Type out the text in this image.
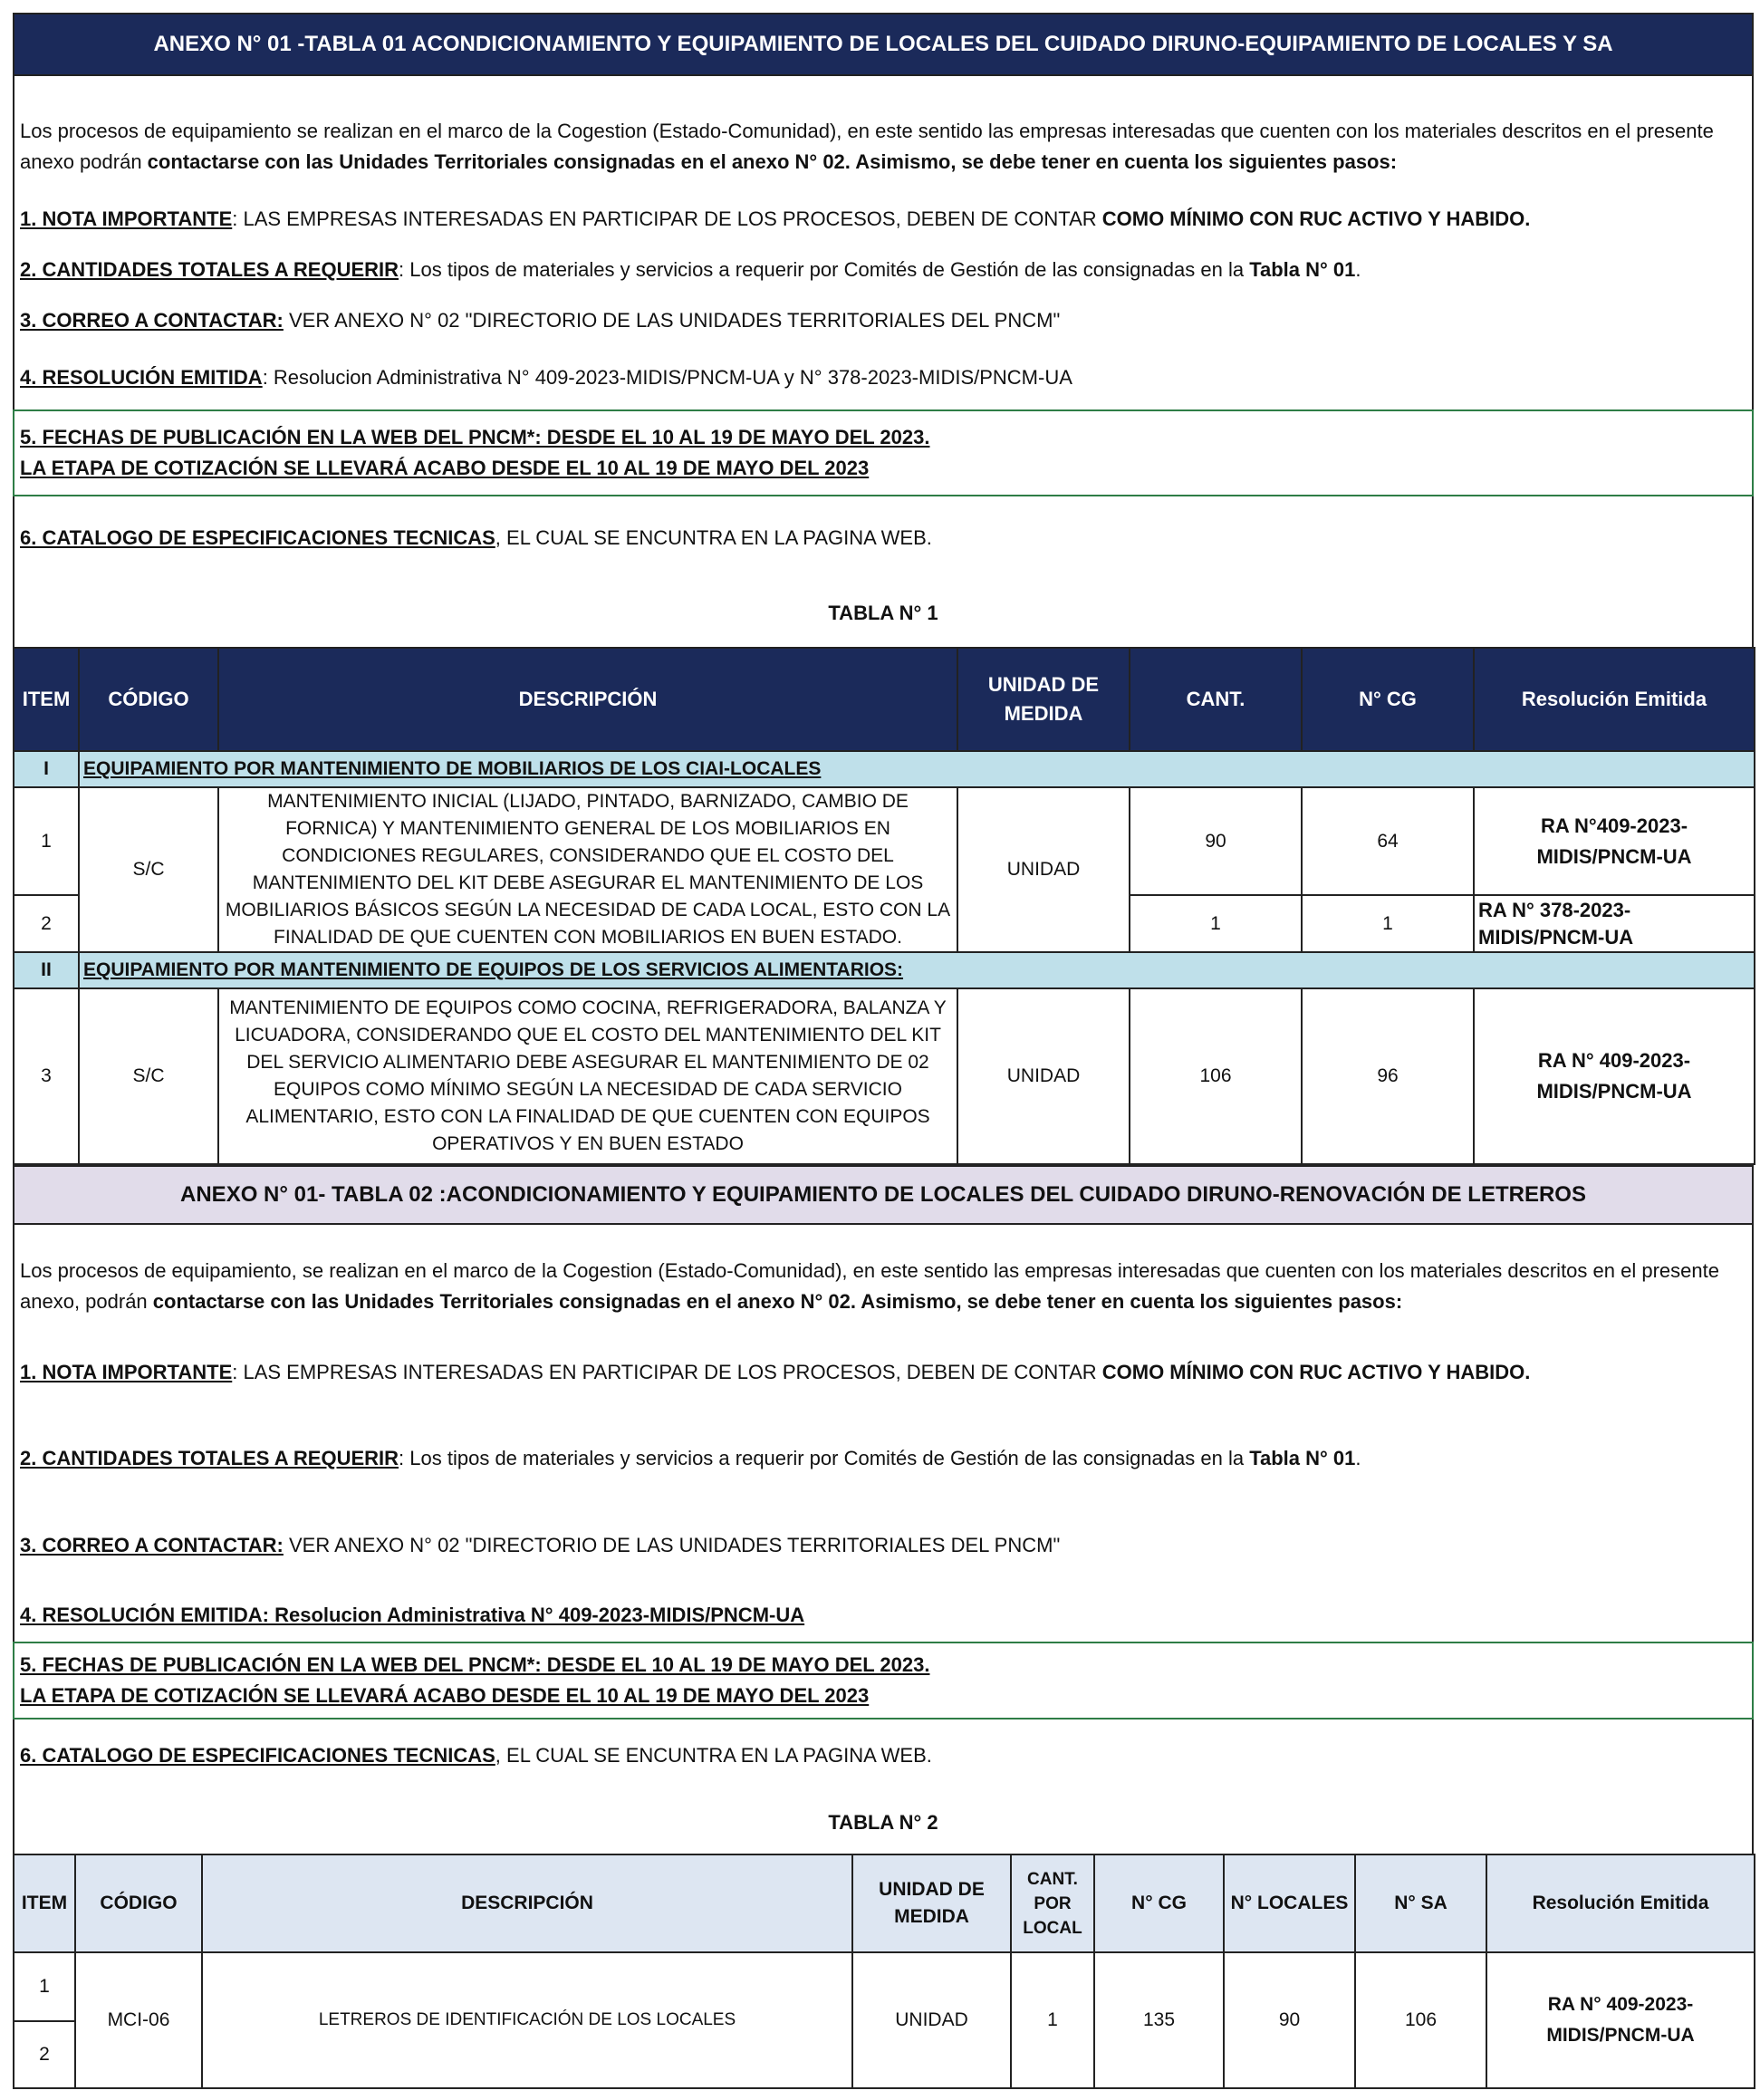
ANEXO N° 01 -TABLA 01 ACONDICIONAMIENTO Y EQUIPAMIENTO DE LOCALES DEL CUIDADO DIRUNO-EQUIPAMIENTO DE LOCALES Y SA
Los procesos de equipamiento se realizan en el marco de la Cogestion (Estado-Comunidad), en este sentido las empresas interesadas que cuenten con los materiales descritos en el presente anexo podrán contactarse con las Unidades Territoriales consignadas en el anexo N° 02. Asimismo, se debe tener en cuenta los siguientes pasos:
1. NOTA IMPORTANTE: LAS EMPRESAS INTERESADAS EN PARTICIPAR DE LOS PROCESOS, DEBEN DE CONTAR COMO MÍNIMO CON RUC ACTIVO Y HABIDO.
2. CANTIDADES TOTALES A REQUERIR: Los tipos de materiales y servicios a requerir por Comités de Gestión de las consignadas en la Tabla N° 01.
3. CORREO A CONTACTAR: VER ANEXO N° 02 "DIRECTORIO DE LAS UNIDADES TERRITORIALES DEL PNCM"
4. RESOLUCIÓN EMITIDA: Resolucion Administrativa N° 409-2023-MIDIS/PNCM-UA y N° 378-2023-MIDIS/PNCM-UA
5. FECHAS DE PUBLICACIÓN EN LA WEB DEL PNCM*: DESDE EL 10 AL 19 DE MAYO DEL 2023.
LA ETAPA DE COTIZACIÓN SE LLEVARÁ ACABO DESDE EL 10 AL 19 DE MAYO DEL 2023
6. CATALOGO DE ESPECIFICACIONES TECNICAS, EL CUAL SE ENCUNTRA EN LA PAGINA WEB.
TABLA N° 1
ITEM	CÓDIGO	DESCRIPCIÓN	UNIDAD DE MEDIDA	CANT.	N° CG	Resolución Emitida
I	EQUIPAMIENTO POR MANTENIMIENTO DE MOBILIARIOS DE LOS CIAI-LOCALES					
1	S/C	MANTENIMIENTO INICIAL (LIJADO, PINTADO, BARNIZADO, CAMBIO DE FORNICA) Y MANTENIMIENTO GENERAL DE LOS MOBILIARIOS EN CONDICIONES REGULARES, CONSIDERANDO QUE EL COSTO DEL MANTENIMIENTO DEL KIT DEBE ASEGURAR EL MANTENIMIENTO DE LOS MOBILIARIOS BÁSICOS SEGÚN LA NECESIDAD DE CADA LOCAL, ESTO CON LA FINALIDAD DE QUE CUENTEN CON MOBILIARIOS EN BUEN ESTADO.	UNIDAD	90	64	RA N°409-2023-MIDIS/PNCM-UA
2				1	1	RA N° 378-2023-MIDIS/PNCM-UA
II	EQUIPAMIENTO POR MANTENIMIENTO DE EQUIPOS DE LOS SERVICIOS ALIMENTARIOS:					
3	S/C	MANTENIMIENTO DE EQUIPOS COMO COCINA, REFRIGERADORA, BALANZA Y LICUADORA, CONSIDERANDO QUE EL COSTO DEL MANTENIMIENTO DEL KIT DEL SERVICIO ALIMENTARIO DEBE ASEGURAR EL MANTENIMIENTO DE 02 EQUIPOS COMO MÍNIMO SEGÚN LA NECESIDAD DE CADA SERVICIO ALIMENTARIO, ESTO CON LA FINALIDAD DE QUE CUENTEN CON EQUIPOS OPERATIVOS Y EN BUEN ESTADO	UNIDAD	106	96	RA N° 409-2023-MIDIS/PNCM-UA
ANEXO N° 01- TABLA 02 :ACONDICIONAMIENTO Y EQUIPAMIENTO DE LOCALES DEL CUIDADO DIRUNO-RENOVACIÓN DE LETREROS
Los procesos de equipamiento, se realizan en el marco de la Cogestion (Estado-Comunidad), en este sentido las empresas interesadas que cuenten con los materiales descritos en el presente anexo, podrán contactarse con las Unidades Territoriales consignadas en el anexo N° 02. Asimismo, se debe tener en cuenta los siguientes pasos:
1. NOTA IMPORTANTE: LAS EMPRESAS INTERESADAS EN PARTICIPAR DE LOS PROCESOS, DEBEN DE CONTAR COMO MÍNIMO CON RUC ACTIVO Y HABIDO.
2. CANTIDADES TOTALES A REQUERIR: Los tipos de materiales y servicios a requerir por Comités de Gestión de las consignadas en la Tabla N° 01.
3. CORREO A CONTACTAR: VER ANEXO N° 02 "DIRECTORIO DE LAS UNIDADES TERRITORIALES DEL PNCM"
4. RESOLUCIÓN EMITIDA: Resolucion Administrativa N° 409-2023-MIDIS/PNCM-UA
5. FECHAS DE PUBLICACIÓN EN LA WEB DEL PNCM*: DESDE EL 10 AL 19 DE MAYO DEL 2023.
LA ETAPA DE COTIZACIÓN SE LLEVARÁ ACABO DESDE EL 10 AL 19 DE MAYO DEL 2023
6. CATALOGO DE ESPECIFICACIONES TECNICAS, EL CUAL SE ENCUNTRA EN LA PAGINA WEB.
TABLA N° 2
ITEM	CÓDIGO	DESCRIPCIÓN	UNIDAD DE MEDIDA	CANT. POR LOCAL	N° CG	N° LOCALES	N° SA	Resolución Emitida
1	MCI-06	LETREROS DE IDENTIFICACIÓN DE LOS LOCALES	UNIDAD	1	135	90	106	RA N° 409-2023-MIDIS/PNCM-UA
2								
